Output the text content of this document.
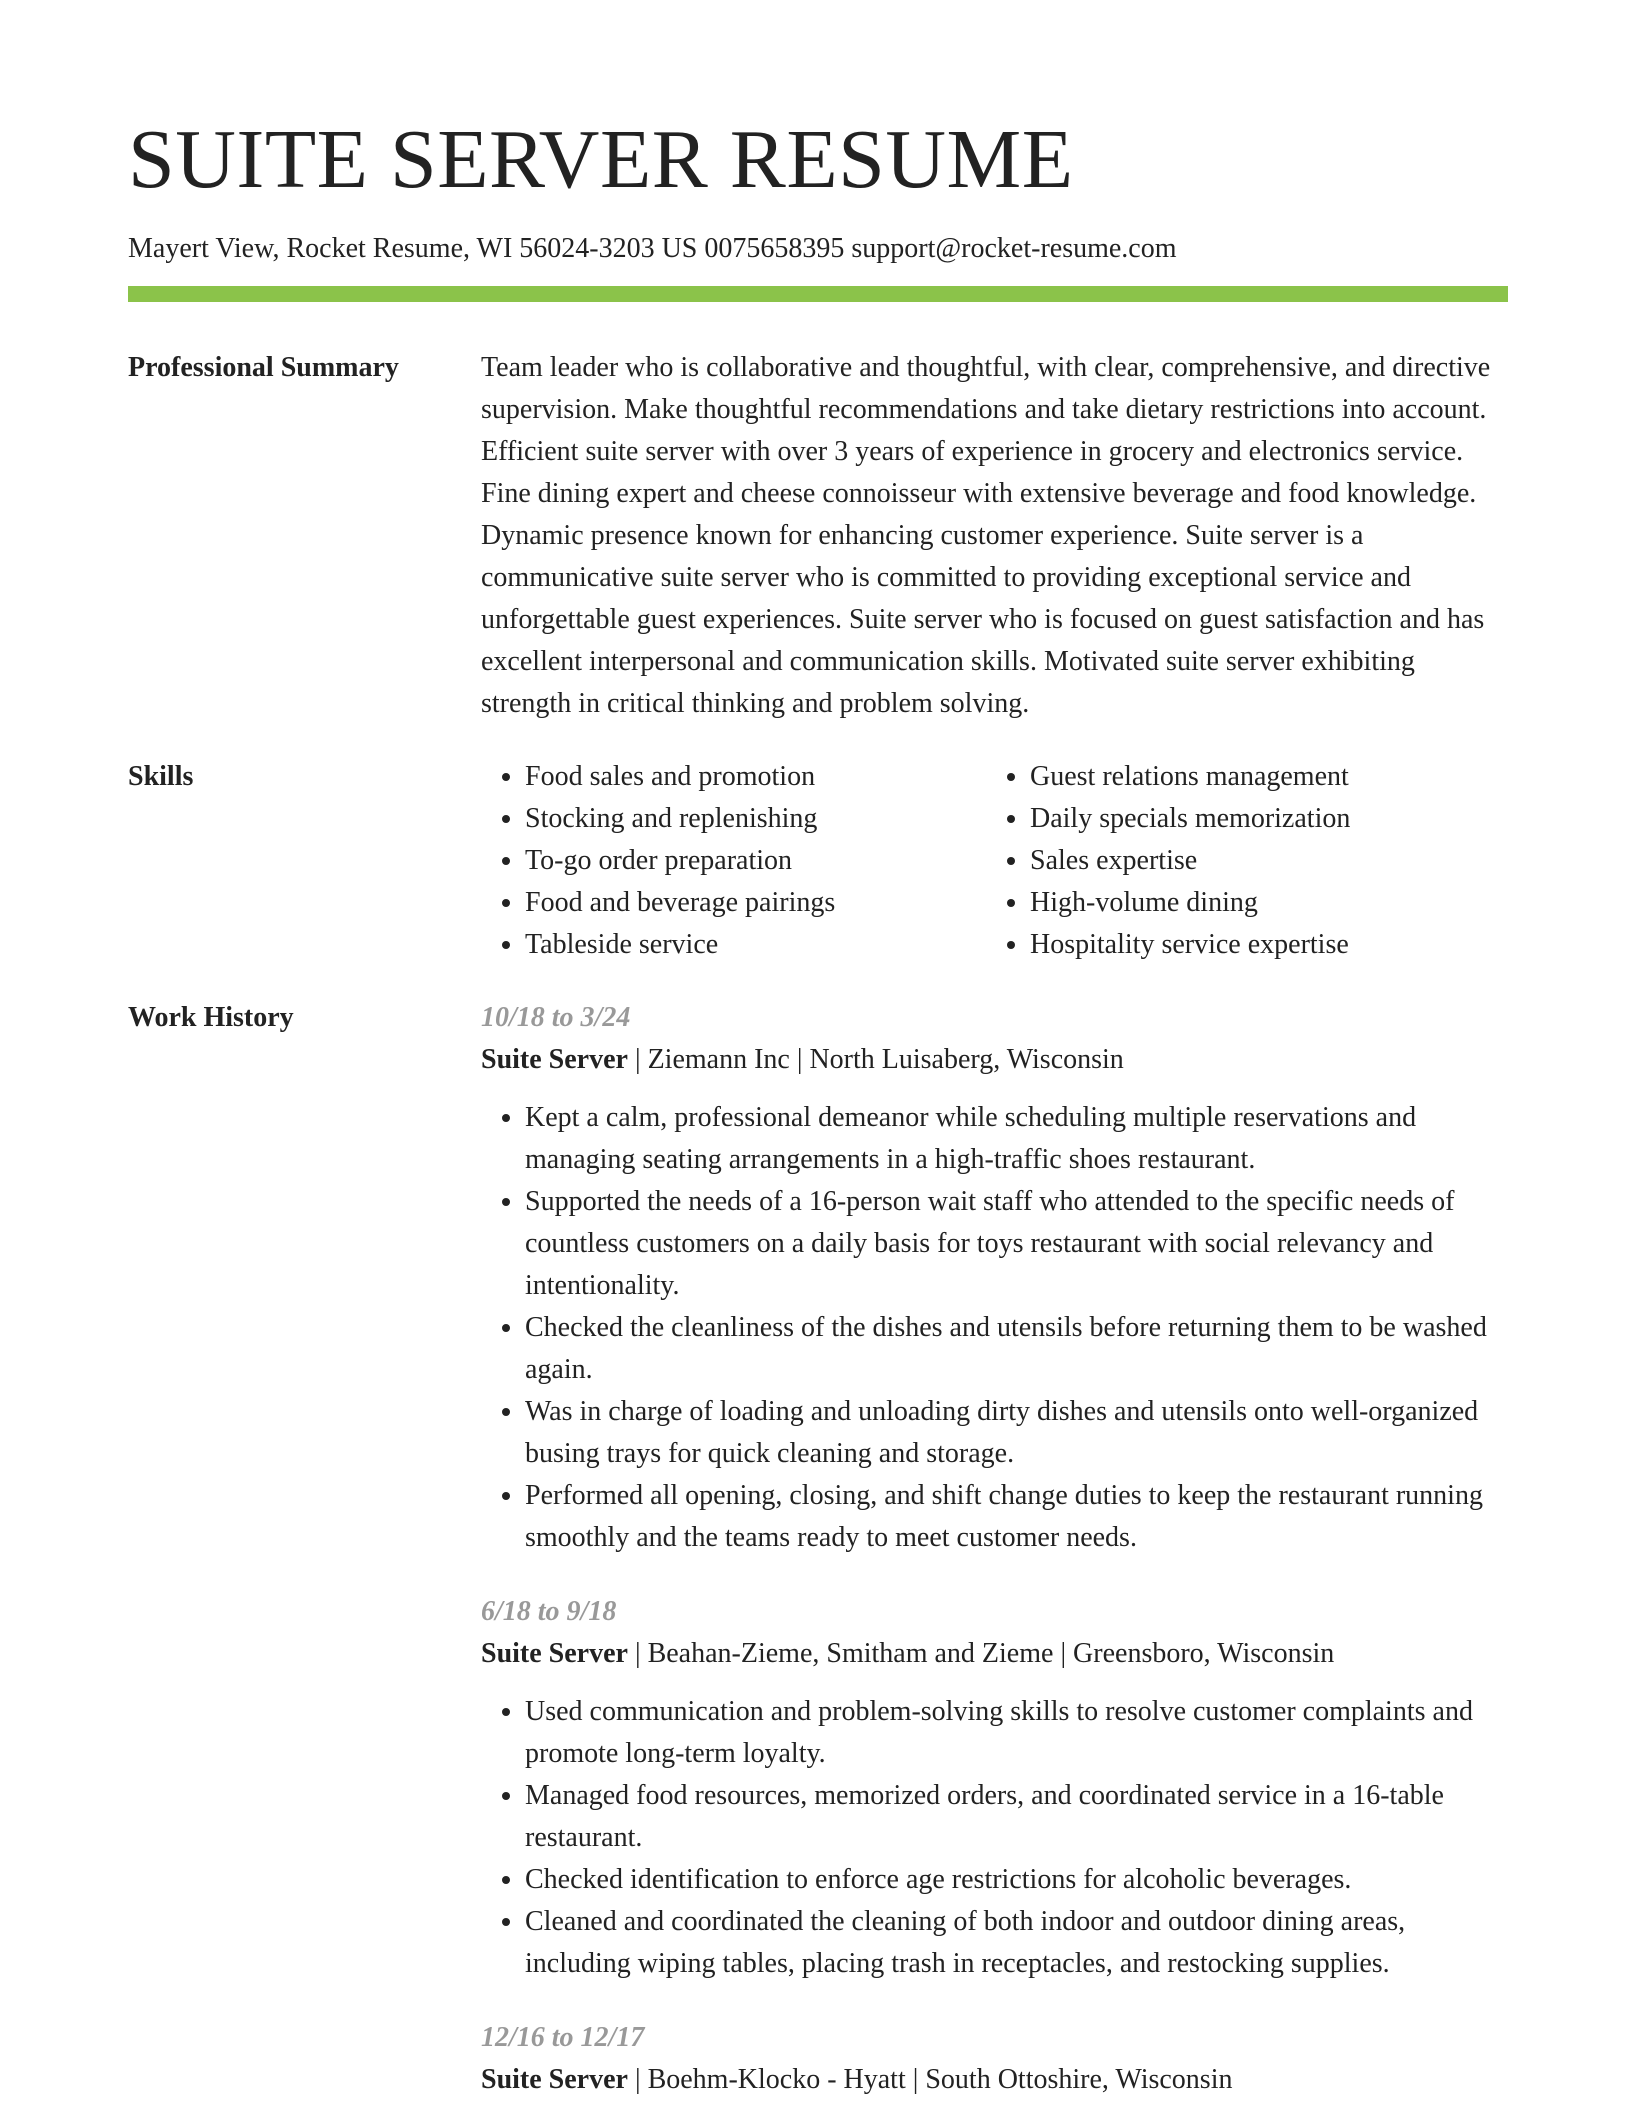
SUITE SERVER RESUME
Mayert View, Rocket Resume, WI 56024-3203 US 0075658395 support@rocket-resume.com
Professional Summary	Team leader who is collaborative and thoughtful, with clear, comprehensive, and directive supervision. Make thoughtful recommendations and take dietary restrictions into account. Efficient suite server with over 3 years of experience in grocery and electronics service. Fine dining expert and cheese connoisseur with extensive beverage and food knowledge. Dynamic presence known for enhancing customer experience. Suite server is a communicative suite server who is committed to providing exceptional service and unforgettable guest experiences. Suite server who is focused on guest satisfaction and has excellent interpersonal and communication skills. Motivated suite server exhibiting strength in critical thinking and problem solving.

Skills
•	Food sales and promotion
• Stocking and replenishing
• To-go order preparation
• Food and beverage pairings
• Tableside service
• Guest relations management
• Daily specials memorization
• Sales expertise
• High-volume dining
• Hospitality service expertise
Work History	10/18 to 3/24
Suite Server | Ziemann Inc | North Luisaberg, Wisconsin
• Kept a calm, professional demeanor while scheduling multiple reservations and managing seating arrangements in a high-traffic shoes restaurant.
• Supported the needs of a 16-person wait staff who attended to the specific needs of countless customers on a daily basis for toys restaurant with social relevancy and intentionality.
• Checked the cleanliness of the dishes and utensils before returning them to be washed again.
• Was in charge of loading and unloading dirty dishes and utensils onto well-organized busing trays for quick cleaning and storage.
• Performed all opening, closing, and shift change duties to keep the restaurant running smoothly and the teams ready to meet customer needs.
6/18 to 9/18
Suite Server | Beahan-Zieme, Smitham and Zieme | Greensboro, Wisconsin
• Used communication and problem-solving skills to resolve customer complaints and promote long-term loyalty.
• Managed food resources, memorized orders, and coordinated service in a 16-table restaurant.
• Checked identification to enforce age restrictions for alcoholic beverages.
• Cleaned and coordinated the cleaning of both indoor and outdoor dining areas, including wiping tables, placing trash in receptacles, and restocking supplies.
12/16 to 12/17
Suite Server | Boehm-Klocko - Hyatt | South Ottoshire, Wisconsin
